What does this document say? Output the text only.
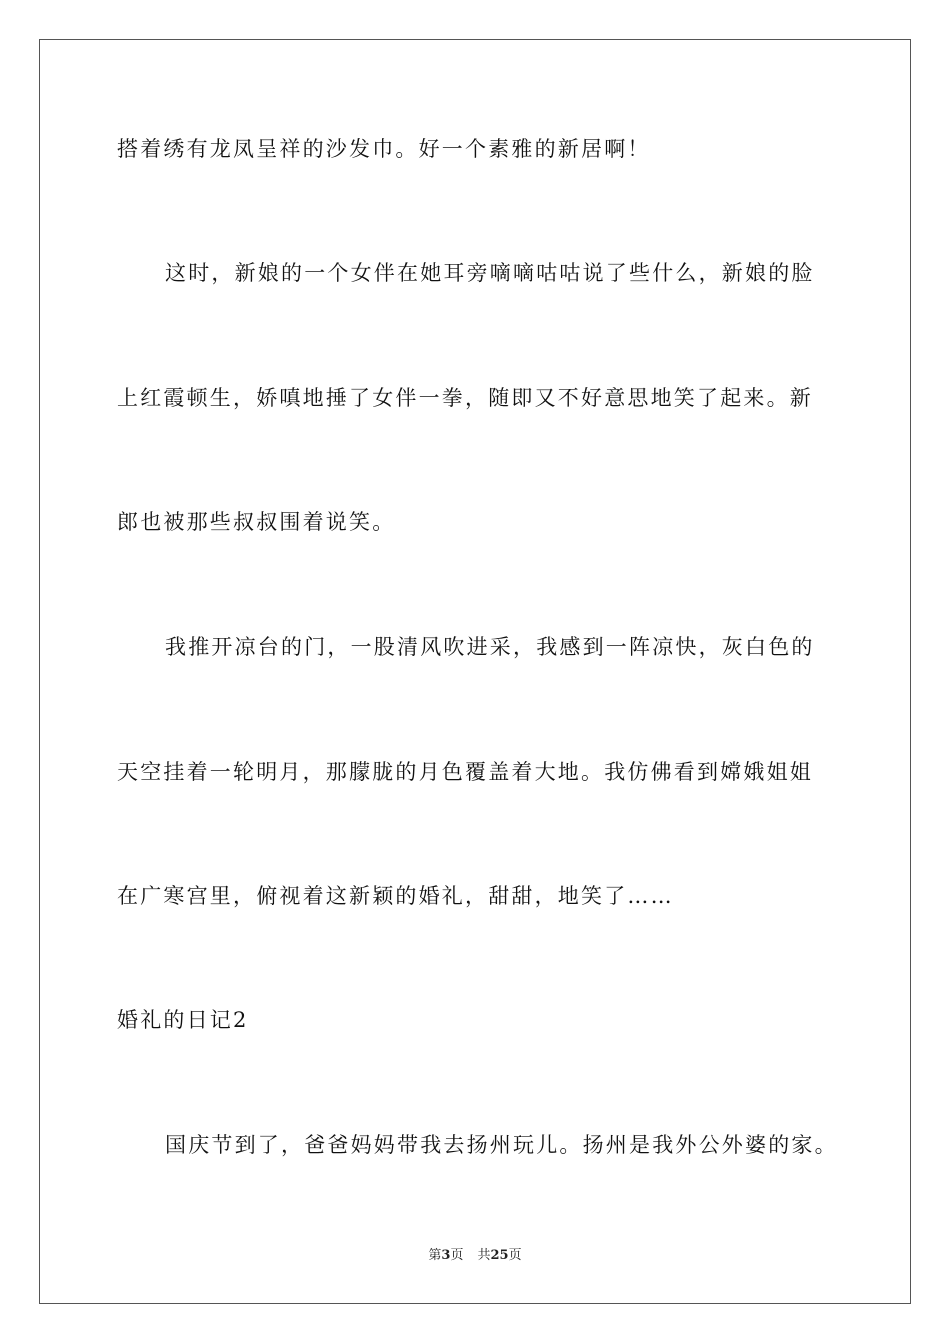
搭着绣有龙凤呈祥的沙发巾。好一个素雅的新居啊！
这时，新娘的一个女伴在她耳旁嘀嘀咕咕说了些什么，新娘的脸
上红霞顿生，娇嗔地捶了女伴一拳，随即又不好意思地笑了起来。新
郎也被那些叔叔围着说笑。
我推开凉台的门，一股清风吹进采，我感到一阵凉快，灰白色的
天空挂着一轮明月，那朦胧的月色覆盖着大地。我仿佛看到嫦娥姐姐
在广寒宫里，俯视着这新颖的婚礼，甜甜，地笑了……
婚礼的日记2
国庆节到了，爸爸妈妈带我去扬州玩儿。扬州是我外公外婆的家。
第3页 共25页
